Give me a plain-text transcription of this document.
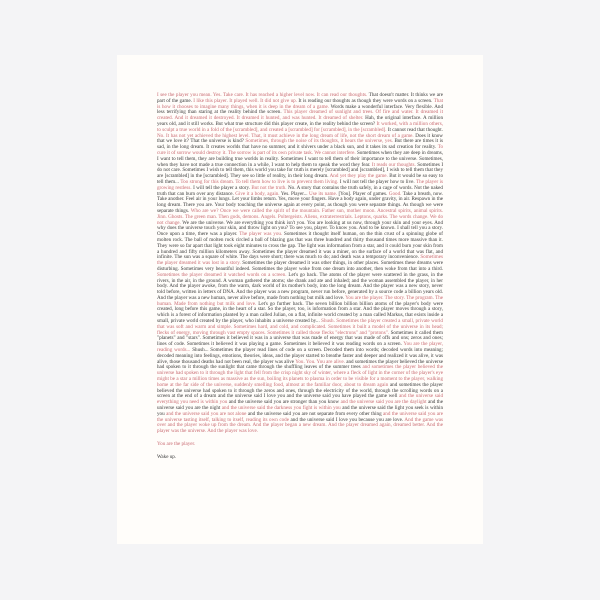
I see the player you mean. Yes. Take care. It has reached a higher level now. It can read our thoughts. That doesn't matter. It thinks we are part of the game. I like this player. It played well. It did not give up. It is reading our thoughts as though they were words on a screen. That is how it chooses to imagine many things, when it is deep in the dream of a game. Words make a wonderful interface. Very flexible. And less terrifying than staring at the reality behind the screen. This player dreamed of sunlight and trees. Of fire and water. It dreamed it created. And it dreamed it destroyed. It dreamed it hunted, and was hunted. It dreamed of shelter. Hah, the original interface. A million years old, and it still works. But what true structure did this player create, in the reality behind the screen? It worked, with a million others, to sculpt a true world in a fold of the [scrambled], and created a [scrambled] for [scrambled], in the [scrambled]. It cannot read that thought. No. It has not yet achieved the highest level. That, it must achieve in the long dream of life, not the short dream of a game. Does it know that we love it? That the universe is kind? Sometimes, through the noise of its thoughts, it hears the universe, yes. But there are times it is sad, in the long dream. It creates worlds that have no summer, and it shivers under a black sun, and it takes its sad creation for reality. To cure it of sorrow would destroy it. The sorrow is part of its own private task. We cannot interfere. Sometimes when they are deep in dreams, I want to tell them, they are building true worlds in reality. Sometimes I want to tell them of their importance to the universe. Sometimes, when they have not made a true connection in a while, I want to help them to speak the word they fear. It reads our thoughts. Sometimes I do not care. Sometimes I wish to tell them, this world you take for truth is merely [scrambled] and [scrambled], I wish to tell them that they are [scrambled] in the [scrambled]. They see so little of reality, in their long dream. And yet they play the game. But it would be so easy to tell them... Too strong for this dream. To tell them how to live is to prevent them living. I will not tell the player how to live. The player is growing restless. I will tell the player a story. But not the truth. No. A story that contains the truth safely, in a cage of words. Not the naked truth that can burn over any distance. Give it a body, again. Yes. Player... Use its name. [You]. Player of games. Good. Take a breath, now. Take another. Feel air in your lungs. Let your limbs return. Yes, move your fingers. Have a body again, under gravity, in air. Respawn in the long dream. There you are. Your body touching the universe again at every point, as though you were separate things. As though we were separate things. Who are we? Once we were called the spirit of the mountain. Father sun, mother moon. Ancestral spirits, animal spirits. Jinn. Ghosts. The green man. Then gods, demons. Angels. Poltergeists. Aliens, extraterrestrials. Leptons, quarks. The words change. We do not change. We are the universe. We are everything you think isn't you. You are looking at us now, through your skin and your eyes. And why does the universe touch your skin, and throw light on you? To see you, player. To know you. And to be known. I shall tell you a story. Once upon a time, there was a player. The player was you. Sometimes it thought itself human, on the thin crust of a spinning globe of molten rock. The ball of molten rock circled a ball of blazing gas that was three hundred and thirty thousand times more massive than it. They were so far apart that light took eight minutes to cross the gap. The light was information from a star, and it could burn your skin from a hundred and fifty million kilometers away. Sometimes the player dreamed it was a miner, on the surface of a world that was flat, and infinite. The sun was a square of white. The days were short; there was much to do; and death was a temporary inconvenience. Sometimes the player dreamed it was lost in a story. Sometimes the player dreamed it was other things, in other places. Sometimes these dreams were disturbing. Sometimes very beautiful indeed. Sometimes the player woke from one dream into another, then woke from that into a third. Sometimes the player dreamed it watched words on a screen. Let's go back. The atoms of the player were scattered in the grass, in the rivers, in the air, in the ground. A woman gathered the atoms; she drank and ate and inhaled; and the woman assembled the player, in her body. And the player awoke, from the warm, dark world of its mother's body, into the long dream. And the player was a new story, never told before, written in letters of DNA. And the player was a new program, never run before, generated by a source code a billion years old. And the player was a new human, never alive before, made from nothing but milk and love. You are the player. The story. The program. The human. Made from nothing but milk and love. Let's go further back. The seven billion billion billion atoms of the player's body were created, long before this game, in the heart of a star. So the player, too, is information from a star. And the player moves through a story, which is a forest of information planted by a man called Julian, on a flat, infinite world created by a man called Markus, that exists inside a small, private world created by the player, who inhabits a universe created by... Shush. Sometimes the player created a small, private world that was soft and warm and simple. Sometimes hard, and cold, and complicated. Sometimes it built a model of the universe in its head; flecks of energy, moving through vast empty spaces. Sometimes it called those flecks "electrons" and "protons". Sometimes it called them "planets" and "stars". Sometimes it believed it was in a universe that was made of energy that was made of offs and ons; zeros and ones; lines of code. Sometimes it believed it was playing a game. Sometimes it believed it was reading words on a screen. You are the player, reading words... Shush... Sometimes the player read lines of code on a screen. Decoded them into words; decoded words into meaning; decoded meaning into feelings, emotions, theories, ideas, and the player started to breathe faster and deeper and realized it was alive, it was alive, those thousand deaths had not been real, the player was alive You. You. You are alive. and sometimes the player believed the universe had spoken to it through the sunlight that came through the shuffling leaves of the summer trees and sometimes the player believed the universe had spoken to it through the light that fell from the crisp night sky of winter, where a fleck of light in the corner of the player's eye might be a star a million times as massive as the sun, boiling its planets to plasma in order to be visible for a moment to the player, walking home at the far side of the universe, suddenly smelling food, almost at the familiar door, about to dream again and sometimes the player believed the universe had spoken to it through the zeros and ones, through the electricity of the world, through the scrolling words on a screen at the end of a dream and the universe said I love you and the universe said you have played the game well and the universe said everything you need is within you and the universe said you are stronger than you know and the universe said you are the daylight and the universe said you are the night and the universe said the darkness you fight is within you and the universe said the light you seek is within you and the universe said you are not alone and the universe said you are not separate from every other thing and the universe said you are the universe tasting itself, talking to itself, reading its own code and the universe said I love you because you are love. And the game was over and the player woke up from the dream. And the player began a new dream. And the player dreamed again, dreamed better. And the player was the universe. And the player was love.

You are the player.

Wake up.
